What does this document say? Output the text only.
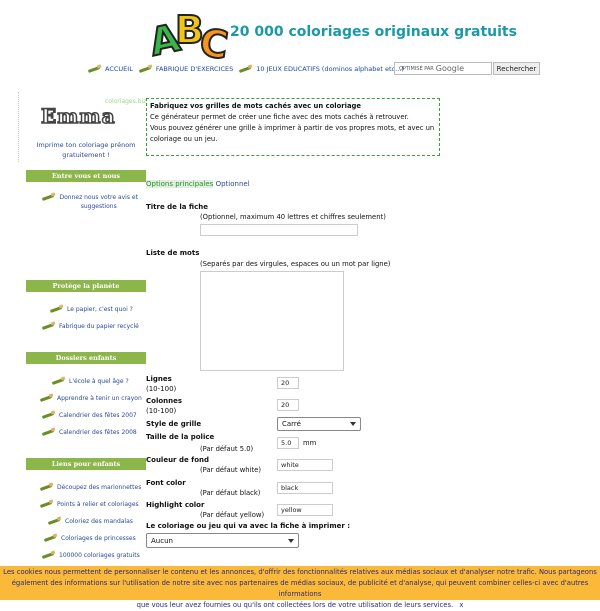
A
B
C 20 000 coloriages originaux gratuits
ACCUEIL	FABRIQUE D'EXERCICES	10 JEUX EDUCATIFS (dominos alphabet etc...)
OPTIMISÉ PAR Google	Rechercher
coloriages.biz
Emma
Imprime ton coloriage prénom gratuitement !
Entre vous et nous
Donnez nous votre avis et suggestions
Protège la planète
Le papier, c'est quoi ?
Fabrique du papier recyclé
Dossiers enfants
L'école à quel âge ?
Apprendre à tenir un crayon
Calendrier des fêtes 2007
Calendrier des fêtes 2008
Liens pour enfants
Découpez des marionnettes
Points à relier et coloriages
Coloriez des mandalas
Coloriages de princesses
100000 coloriages gratuits
Fabriquez vos grilles de mots cachés avec un coloriage
Ce générateur permet de créer une fiche avec des mots cachés à retrouver.
Vous pouvez générer une grille à imprimer à partir de vos propres mots, et avec un coloriage ou un jeu.
Options principales Optionnel
Titre de la fiche
(Optionnel, maximum 40 lettres et chiffres seulement)
Liste de mots
(Separés par des virgules, espaces ou un mot par ligne)
Lignes
(10-100)
20
Colonnes
(10-100)
20
Style de grille	Carré
Taille de la police
(Par défaut 5.0)
5.0	mm
Couleur de fond
(Par défaut white)
white
Font color
(Par défaut black)
black
Highlight color
(Par défaut yellow)
yellow
Le coloriage ou jeu qui va avec la fiche à imprimer :
Aucun
Les cookies nous permettent de personnaliser le contenu et les annonces, d'offrir des fonctionnalités relatives aux médias sociaux et d'analyser notre trafic. Nous partageons
également des informations sur l'utilisation de notre site avec nos partenaires de médias sociaux, de publicité et d'analyse, qui peuvent combiner celles-ci avec d'autres informations
que vous leur avez fournies ou qu'ils ont collectées lors de votre utilisation de leurs services. x
